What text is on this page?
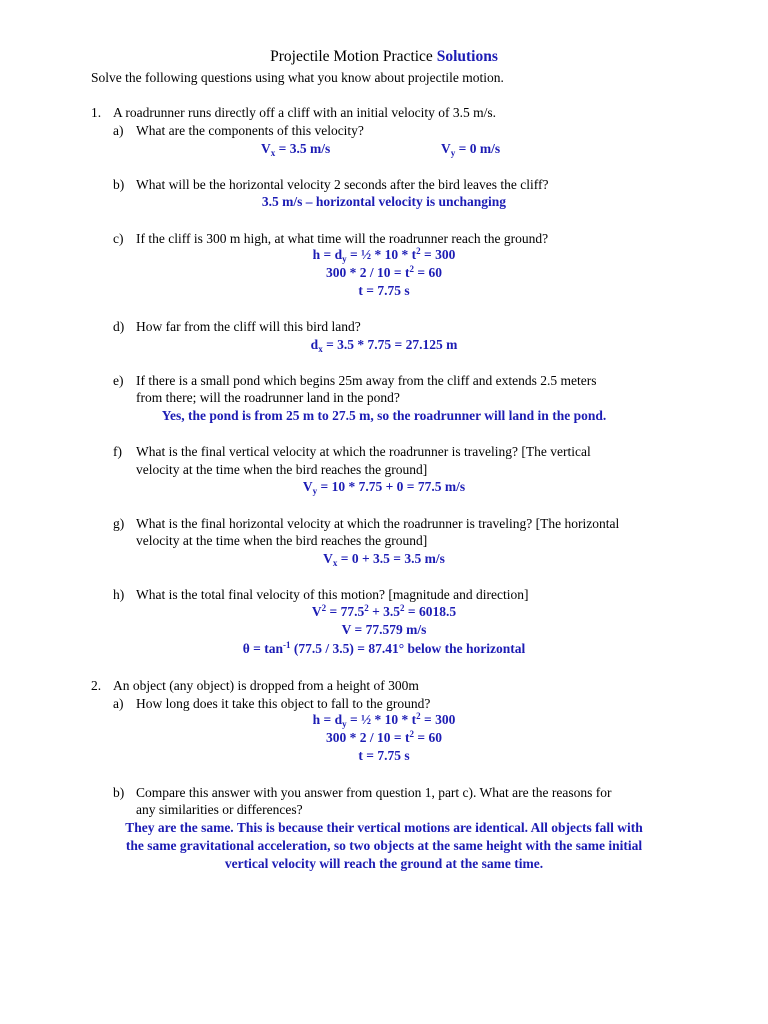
Projectile Motion Practice Solutions
Solve the following questions using what you know about projectile motion.
1. A roadrunner runs directly off a cliff with an initial velocity of 3.5 m/s.
a) What are the components of this velocity?
$V_x = 3.5$ m/s	$V_y = 0$ m/s
b) What will be the horizontal velocity 2 seconds after the bird leaves the cliff?
3.5 m/s – horizontal velocity is unchanging
c) If the cliff is 300 m high, at what time will the roadrunner reach the ground?
$h = d_y$ = ½ * $10 * t^2 = 300$
$300 * 2 / 10 = t^2 = 60$
t = 7.75 s
d) How far from the cliff will this bird land?
$d_x = 3.5 * 7.75 = 27.125$ m
e) If there is a small pond which begins 25m away from the cliff and extends 2.5 meters
from there; will the roadrunner land in the pond?
Yes, the pond is from 25 m to 27.5 m, so the roadrunner will land in the pond.
f) What is the final vertical velocity at which the roadrunner is traveling? [The vertical
velocity at the time when the bird reaches the ground]
$V_y = 10 * 7.75 + 0 = 77.5$ m/s
g) What is the final horizontal velocity at which the roadrunner is traveling? [The horizontal
velocity at the time when the bird reaches the ground]
$V_x = 0 + 3.5 = 3.5$ m/s
h) What is the total final velocity of this motion? [magnitude and direction]
$V^2 = 77.5^2 + 3.5^2 = 6018.5$
V = 77.579 m/s
$\theta = \tan^{-1} (77.5 / 3.5) = 87.41^\circ$ below the horizontal
2. An object (any object) is dropped from a height of 300m
a) How long does it take this object to fall to the ground?
$h = d_y$ = ½ * $10 * t^2 = 300$
$300 * 2 / 10 = t^2 = 60$
t = 7.75 s
b) Compare this answer with you answer from question 1, part c). What are the reasons for
any similarities or differences?
They are the same. This is because their vertical motions are identical. All objects fall with
the same gravitational acceleration, so two objects at the same height with the same initial
vertical velocity will reach the ground at the same time.
